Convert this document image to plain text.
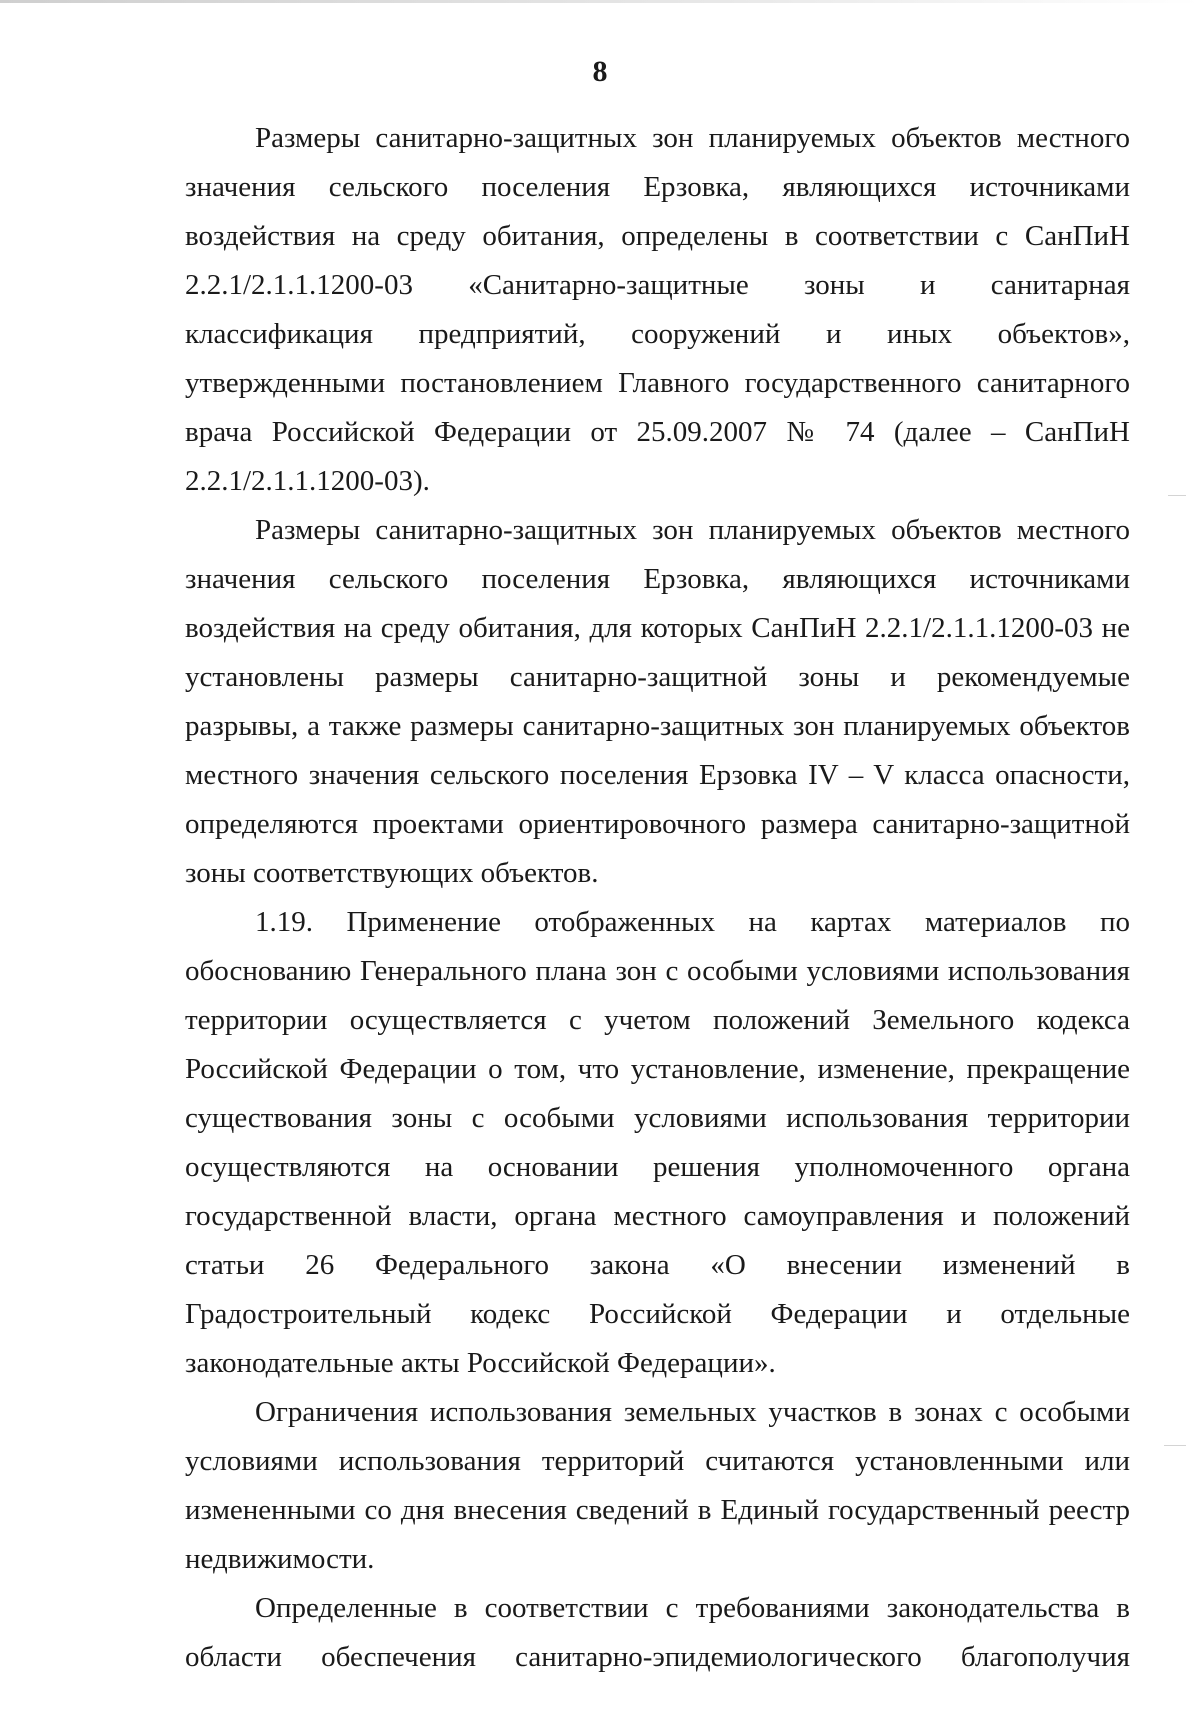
8

Размеры санитарно-защитных зон планируемых объектов местного значения сельского поселения Ерзовка, являющихся источниками воздействия на среду обитания, определены в соответствии с СанПиН 2.2.1/2.1.1.1200-03 «Санитарно-защитные зоны и санитарная классификация предприятий, сооружений и иных объектов», утвержденными постановлением Главного государственного санитарного врача Российской Федерации от 25.09.2007 № 74 (далее – СанПиН 2.2.1/2.1.1.1200-03).

Размеры санитарно-защитных зон планируемых объектов местного значения сельского поселения Ерзовка, являющихся источниками воздействия на среду обитания, для которых СанПиН 2.2.1/2.1.1.1200-03 не установлены размеры санитарно-защитной зоны и рекомендуемые разрывы, а также размеры санитарно-защитных зон планируемых объектов местного значения сельского поселения Ерзовка IV – V класса опасности, определяются проектами ориентировочного размера санитарно-защитной зоны соответствующих объектов.

1.19. Применение отображенных на картах материалов по обоснованию Генерального плана зон с особыми условиями использования территории осуществляется с учетом положений Земельного кодекса Российской Федерации о том, что установление, изменение, прекращение существования зоны с особыми условиями использования территории осуществляются на основании решения уполномоченного органа государственной власти, органа местного самоуправления и положений статьи 26 Федерального закона «О внесении изменений в Градостроительный кодекс Российской Федерации и отдельные законодательные акты Российской Федерации».

Ограничения использования земельных участков в зонах с особыми условиями использования территорий считаются установленными или измененными со дня внесения сведений в Единый государственный реестр недвижимости.

Определенные в соответствии с требованиями законодательства в области обеспечения санитарно-эпидемиологического благополучия
